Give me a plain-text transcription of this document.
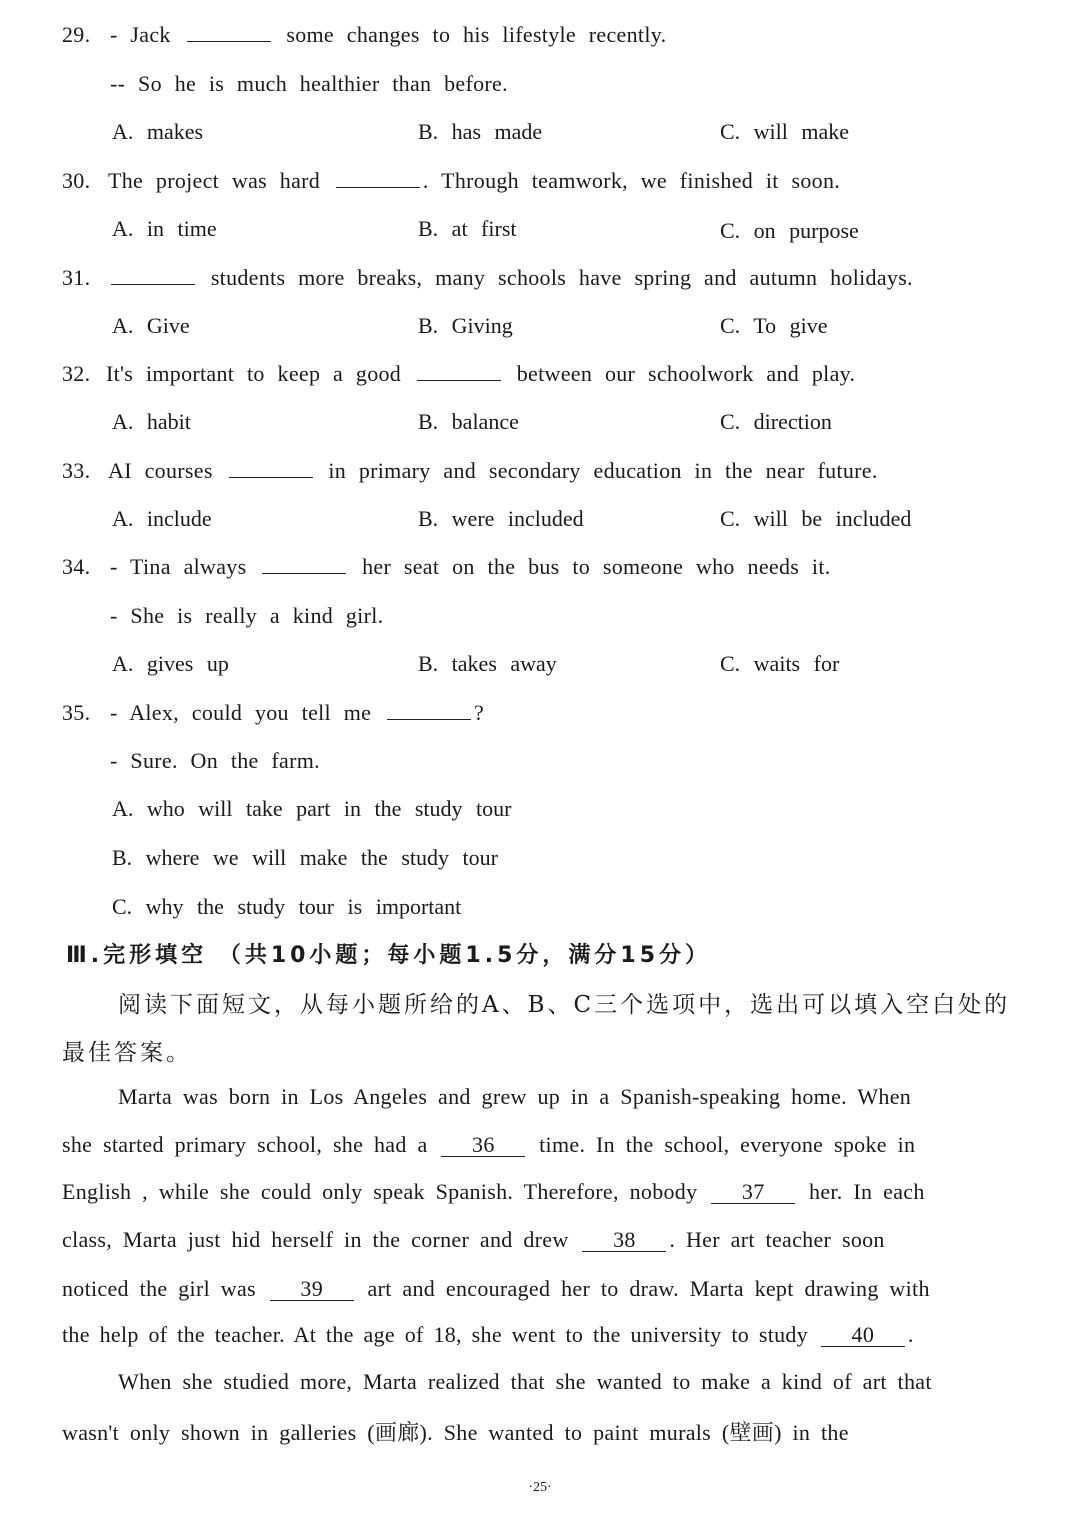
29. - Jack	some changes to his lifestyle recently.
-- So he is much healthier than before.
A. makes	B. has made	C. will make
30. The project was hard	. Through teamwork, we finished it soon.
A. in time	B. at first	C. on purpose
31.	students more breaks, many schools have spring and autumn holidays.
A. Give	B. Giving	C. To give
32. It's important to keep a good	between our schoolwork and play.
A. habit	B. balance	C. direction
33. AI courses	in primary and secondary education in the near future.
A. include	B. were included	C. will be included
34. - Tina always	her seat on the bus to someone who needs it.
- She is really a kind girl.
A. gives up	B. takes away	C. waits for
35. - Alex, could you tell me	?
- Sure. On the farm.
A. who will take part in the study tour
B. where we will make the study tour
C. why the study tour is important
Ⅲ.完形填空 （共10小题；每小题1.5分，满分15分）
阅读下面短文，从每小题所给的A、B、C三个选项中，选出可以填入空白处的
最佳答案。
Marta was born in Los Angeles and grew up in a Spanish-speaking home. When
she started primary school, she had a 36 time. In the school, everyone spoke in
English , while she could only speak Spanish. Therefore, nobody 37 her. In each
class, Marta just hid herself in the corner and drew 38 . Her art teacher soon
noticed the girl was 39 art and encouraged her to draw. Marta kept drawing with
the help of the teacher. At the age of 18, she went to the university to study 40 .
When she studied more, Marta realized that she wanted to make a kind of art that
wasn't only shown in galleries (画廊). She wanted to paint murals (壁画) in the
·25·
